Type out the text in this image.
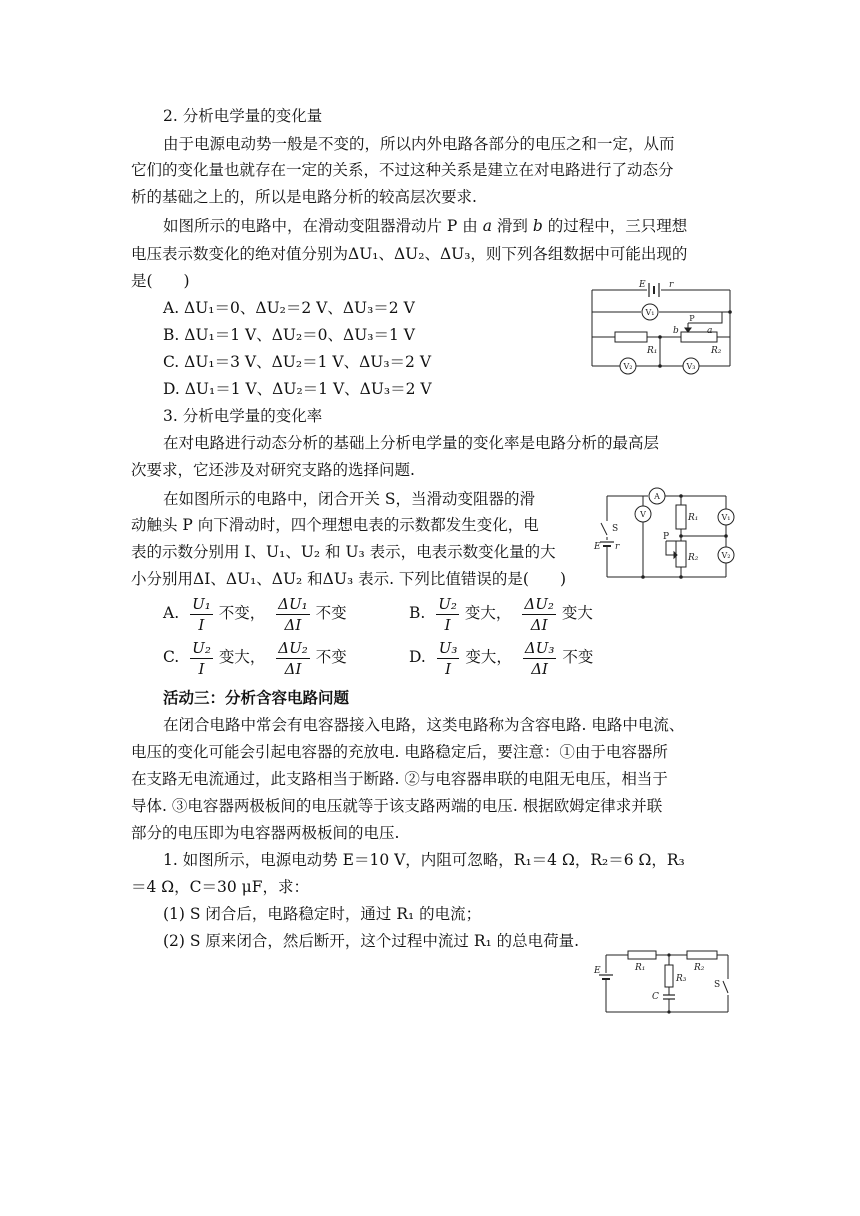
2. 分析电学量的变化量
由于电源电动势一般是不变的，所以内外电路各部分的电压之和一定，从而
它们的变化量也就存在一定的关系，不过这种关系是建立在对电路进行了动态分
析的基础之上的，所以是电路分析的较高层次要求.
如图所示的电路中，在滑动变阻器滑动片 P 由 a 滑到 b 的过程中，三只理想
电压表示数变化的绝对值分别为ΔU₁、ΔU₂、ΔU₃，则下列各组数据中可能出现的
是(　　)
A. ΔU₁＝0、ΔU₂＝2 V、ΔU₃＝2 V
B. ΔU₁＝1 V、ΔU₂＝0、ΔU₃＝1 V
C. ΔU₁＝3 V、ΔU₂＝1 V、ΔU₃＝2 V
D. ΔU₁＝1 V、ΔU₂＝1 V、ΔU₃＝2 V
E	r
b	a
R₁	R₂
P
V₁
V₂	V₃
3. 分析电学量的变化率
在对电路进行动态分析的基础上分析电学量的变化率是电路分析的最高层
次要求，它还涉及对研究支路的选择问题.
在如图所示的电路中，闭合开关 S，当滑动变阻器的滑
动触头 P 向下滑动时，四个理想电表的示数都发生变化，电
表的示数分别用 I、U₁、U₂ 和 U₃ 表示，电表示数变化量的大
小分别用ΔI、ΔU₁、ΔU₂ 和ΔU₃ 表示. 下列比值错误的是(　　)
A. $\frac{\text{U₁}}{I}$ 不变， $\frac{\text{ΔU₁}}{\Delta I}$ 不变	B. $\frac{\text{U₂}}{I}$ 变大， $\frac{\text{ΔU₂}}{\Delta I}$ 变大
C. $\frac{\text{U₂}}{I}$ 变大， $\frac{\text{ΔU₂}}{\Delta I}$ 不变	D. $\frac{\text{U₃}}{I}$ 变大， $\frac{\text{ΔU₃}}{\Delta I}$ 不变
A
V	V₁
V₂
S
E r
P
R₁
R₂
活动三：分析含容电路问题
在闭合电路中常会有电容器接入电路，这类电路称为含容电路. 电路中电流、
电压的变化可能会引起电容器的充放电. 电路稳定后，要注意：①由于电容器所
在支路无电流通过，此支路相当于断路. ②与电容器串联的电阻无电压，相当于
导体. ③电容器两极板间的电压就等于该支路两端的电压. 根据欧姆定律求并联
部分的电压即为电容器两极板间的电压.
1. 如图所示，电源电动势 E＝10 V，内阻可忽略，R₁＝4 Ω，R₂＝6 Ω，R₃
＝4 Ω，C＝30 μF，求：
(1) S 闭合后，电路稳定时，通过 R₁ 的电流；
(2) S 原来闭合，然后断开，这个过程中流过 R₁ 的总电荷量.
E	R₁	R₂
R₃
C
S
